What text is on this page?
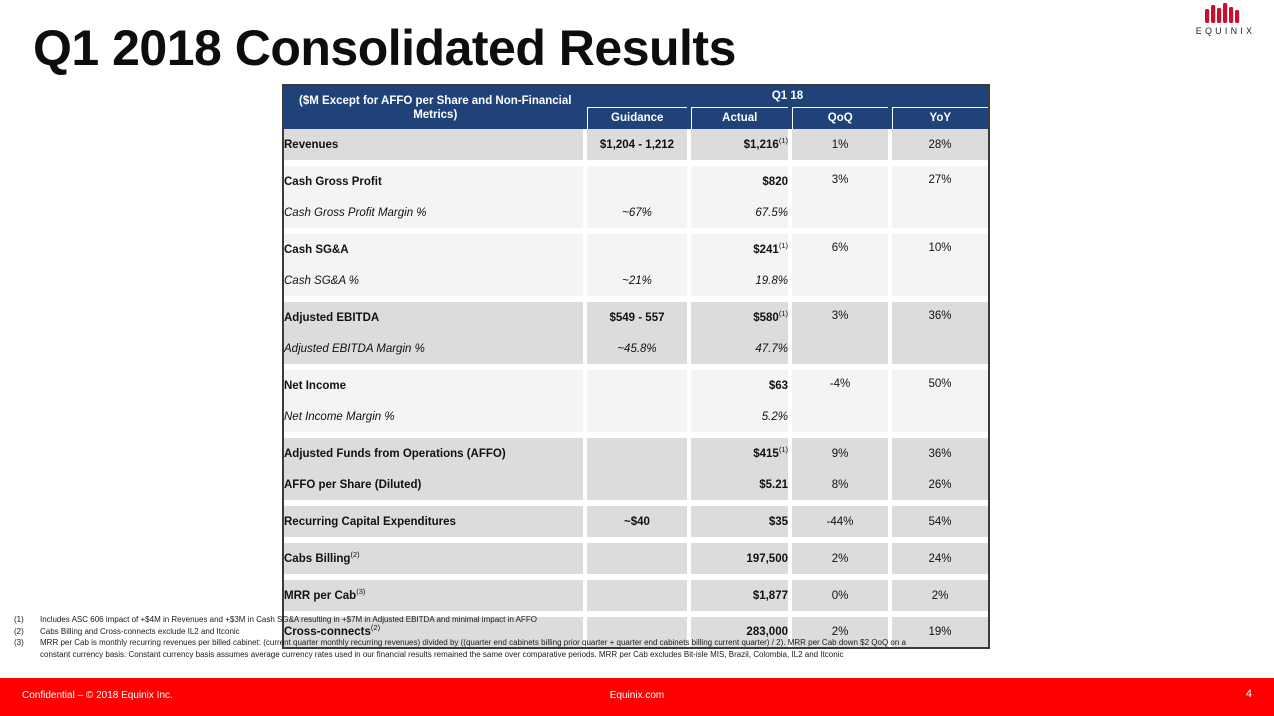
EQUINIX
Q1 2018 Consolidated Results
($M Except for AFFO per Share and Non-Financial Metrics)		Q1 18						
		Guidance		Actual		QoQ		YoY
Revenues		$1,204 - 1,212		$1,216$^{(1)}$		1%		28%

Cash Gross Profit				$820		3%		27%
Cash Gross Profit Margin %		~67%		67.5%				

Cash SG&A				$241$^{(1)}$		6%		10%
Cash SG&A %		~21%		19.8%				

Adjusted EBITDA		$549 - 557		$580$^{(1)}$		3%		36%
Adjusted EBITDA Margin %		~45.8%		47.7%				

Net Income				$63		-4%		50%
Net Income Margin %				5.2%				

Adjusted Funds from Operations (AFFO)				$415$^{(1)}$		9%		36%
AFFO per Share (Diluted)				$5.21		8%		26%

Recurring Capital Expenditures		~$40		$35		-44%		54%

Cabs Billing$^{(2)}$				197,500		2%		24%

MRR per Cab$^{(3)}$				$1,877		0%		2%

Cross-connects$^{(2)}$				283,000		2%		19%
(1)	Includes ASC 606 impact of +$4M in Revenues and +$3M in Cash SG&A resulting in +$7M in Adjusted EBITDA and minimal impact in AFFO
(2)	Cabs Billing and Cross-connects exclude IL2 and Itconic
(3)	MRR per Cab is monthly recurring revenues per billed cabinet: (current quarter monthly recurring revenues) divided by ((quarter end cabinets billing prior quarter + quarter end cabinets billing current quarter) / 2). MRR per Cab down $2 QoQ on a
constant currency basis. Constant currency basis assumes average currency rates used in our financial results remained the same over comparative periods. MRR per Cab excludes Bit-isle MIS, Brazil, Colombia, IL2 and Itconic
Confidential – © 2018 Equinix Inc.	Equinix.com	4
